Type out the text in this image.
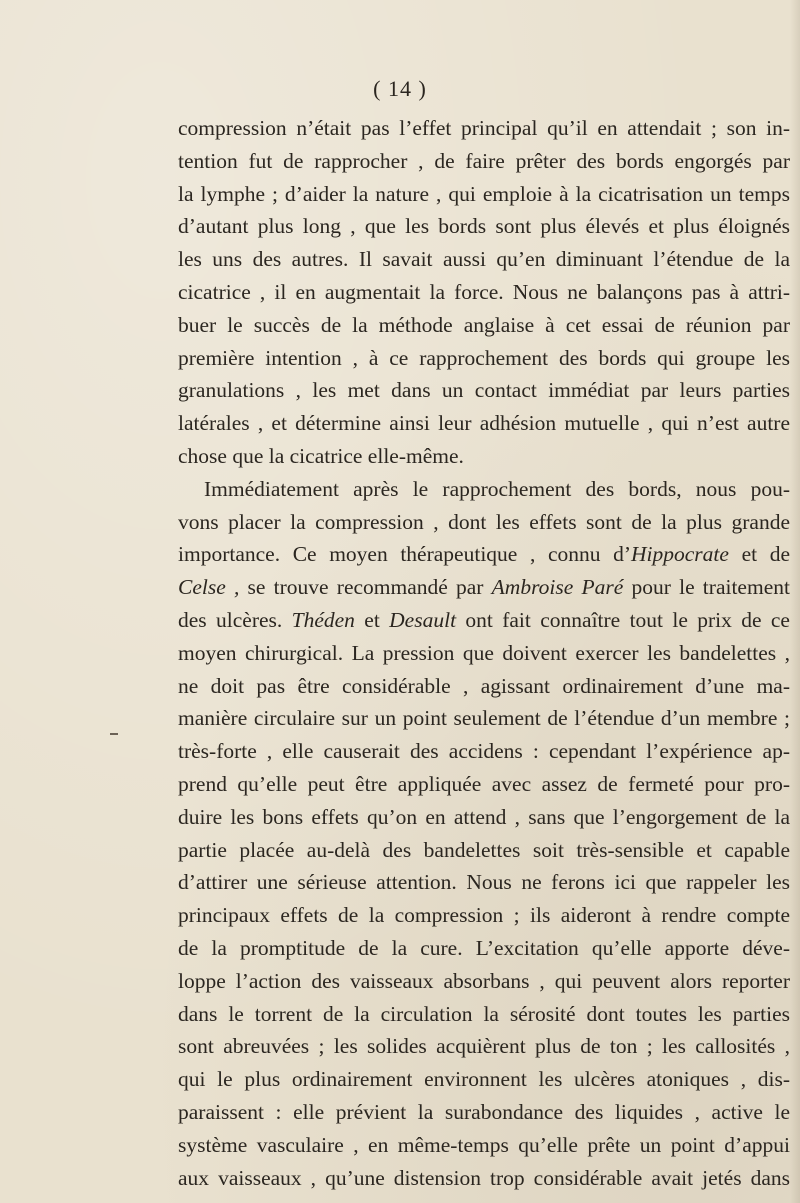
( 14 )
compression n’était pas l’effet principal qu’il en attendait ; son in-
tention fut de rapprocher , de faire prêter des bords engorgés par
la lymphe ; d’aider la nature , qui emploie à la cicatrisation un temps
d’autant plus long , que les bords sont plus élevés et plus éloignés
les uns des autres. Il savait aussi qu’en diminuant l’étendue de la
cicatrice , il en augmentait la force. Nous ne balançons pas à attri-
buer le succès de la méthode anglaise à cet essai de réunion par
première intention , à ce rapprochement des bords qui groupe les
granulations , les met dans un contact immédiat par leurs parties
latérales , et détermine ainsi leur adhésion mutuelle , qui n’est autre
chose que la cicatrice elle-même.
Immédiatement après le rapprochement des bords, nous pou-
vons placer la compression , dont les effets sont de la plus grande
importance. Ce moyen thérapeutique , connu d’Hippocrate et de
Celse , se trouve recommandé par Ambroise Paré pour le traitement
des ulcères. Théden et Desault ont fait connaître tout le prix de ce
moyen chirurgical. La pression que doivent exercer les bandelettes ,
ne doit pas être considérable , agissant ordinairement d’une ma-
manière circulaire sur un point seulement de l’étendue d’un membre ;
très-forte , elle causerait des accidens : cependant l’expérience ap-
prend qu’elle peut être appliquée avec assez de fermeté pour pro-
duire les bons effets qu’on en attend , sans que l’engorgement de la
partie placée au-delà des bandelettes soit très-sensible et capable
d’attirer une sérieuse attention. Nous ne ferons ici que rappeler les
principaux effets de la compression ; ils aideront à rendre compte
de la promptitude de la cure. L’excitation qu’elle apporte déve-
loppe l’action des vaisseaux absorbans , qui peuvent alors reporter
dans le torrent de la circulation la sérosité dont toutes les parties
sont abreuvées ; les solides acquièrent plus de ton ; les callosités ,
qui le plus ordinairement environnent les ulcères atoniques , dis-
paraissent : elle prévient la surabondance des liquides , active le
système vasculaire , en même-temps qu’elle prête un point d’appui
aux vaisseaux , qu’une distension trop considérable avait jetés dans
